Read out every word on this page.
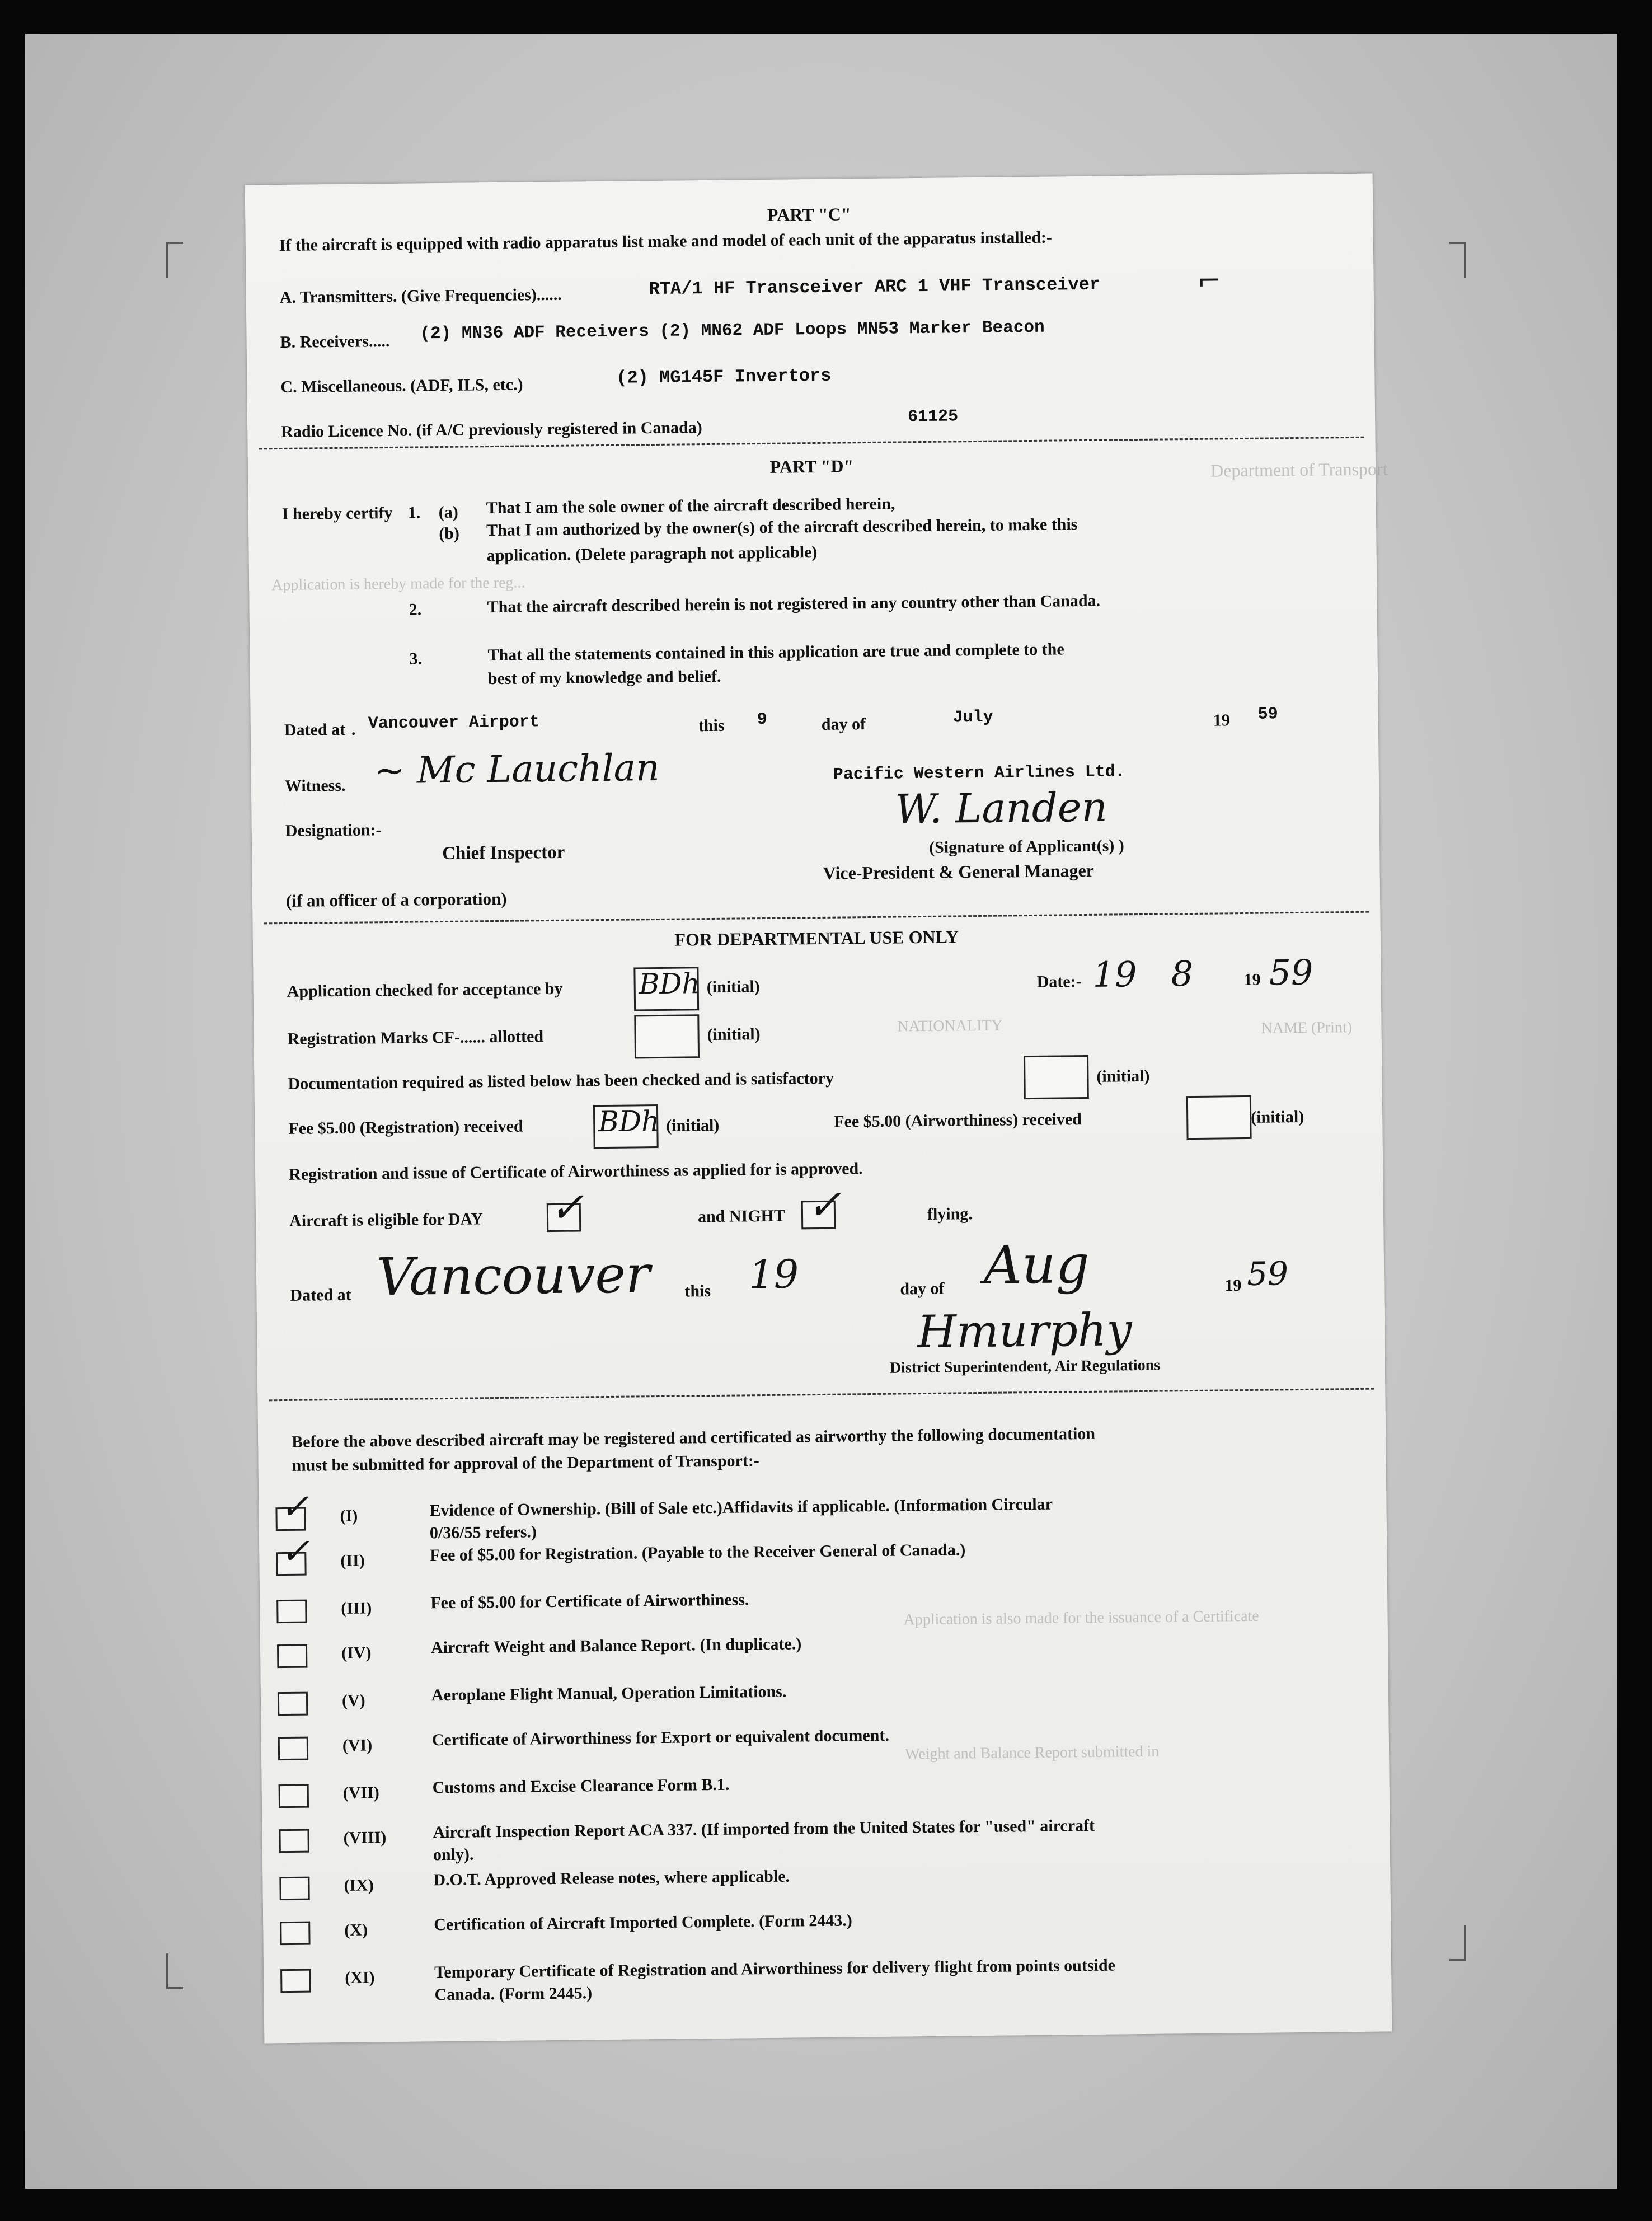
Department of Transport
Application is hereby made for the reg...
NATIONALITY	NAME (Print)
Application is also made for the issuance of a Certificate
Weight and Balance Report submitted in
PART "C"
If the aircraft is equipped with radio apparatus list make and model of each unit of the apparatus installed:-
A. Transmitters. (Give Frequencies)......	RTA/1 HF Transceiver ARC 1 VHF Transceiver	⌐
B. Receivers..... (2) MN36 ADF Receivers (2) MN62 ADF Loops MN53 Marker Beacon
C. Miscellaneous. (ADF, ILS, etc.)	(2) MG145F Invertors
Radio Licence No. (if A/C previously registered in Canada)
61125
PART "D"
I hereby certify 1. (a) That I am the sole owner of the aircraft described herein,
(b) That I am authorized by the owner(s) of the aircraft described herein, to make this
application. (Delete paragraph not applicable)
2.	That the aircraft described herein is not registered in any country other than Canada.
3.	That all the statements contained in this application are true and complete to the
best of my knowledge and belief.
Dated at . Vancouver Airport	this 9	day of	July	19 59
Witness. ~ Mc Lauchlan	Pacific Western Airlines Ltd.
Designation:-	W. Landen
Chief Inspector	(Signature of Applicant(s) )
Vice-President & General Manager
(if an officer of a corporation)
FOR DEPARTMENTAL USE ONLY
Application checked for acceptance by	BDh (initial)	Date:- 19 8	19 59
Registration Marks CF-...... allotted	(initial)
Documentation required as listed below has been checked and is satisfactory	(initial)
Fee $5.00 (Registration) received	BDh (initial)	Fee $5.00 (Airworthiness) received	(initial)
Registration and issue of Certificate of Airworthiness as applied for is approved.
Aircraft is eligible for DAY ✓	and NIGHT ✓	flying.
Dated at Vancouver this 19	day of Aug	19 59
Hmurphy
District Superintendent, Air Regulations
Before the above described aircraft may be registered and certificated as airworthy the following documentation
must be submitted for approval of the Department of Transport:-
✓ (I)	Evidence of Ownership. (Bill of Sale etc.)Affidavits if applicable. (Information Circular
0/36/55 refers.)
✓ (II)	Fee of $5.00 for Registration. (Payable to the Receiver General of Canada.)
(III)	Fee of $5.00 for Certificate of Airworthiness.
(IV)	Aircraft Weight and Balance Report. (In duplicate.)
(V)	Aeroplane Flight Manual, Operation Limitations.
(VI)	Certificate of Airworthiness for Export or equivalent document.
(VII)	Customs and Excise Clearance Form B.1.
(VIII)	Aircraft Inspection Report ACA 337. (If imported from the United States for "used" aircraft
only).
(IX)	D.O.T. Approved Release notes, where applicable.
(X)	Certification of Aircraft Imported Complete. (Form 2443.)
(XI)	Temporary Certificate of Registration and Airworthiness for delivery flight from points outside
Canada. (Form 2445.)
